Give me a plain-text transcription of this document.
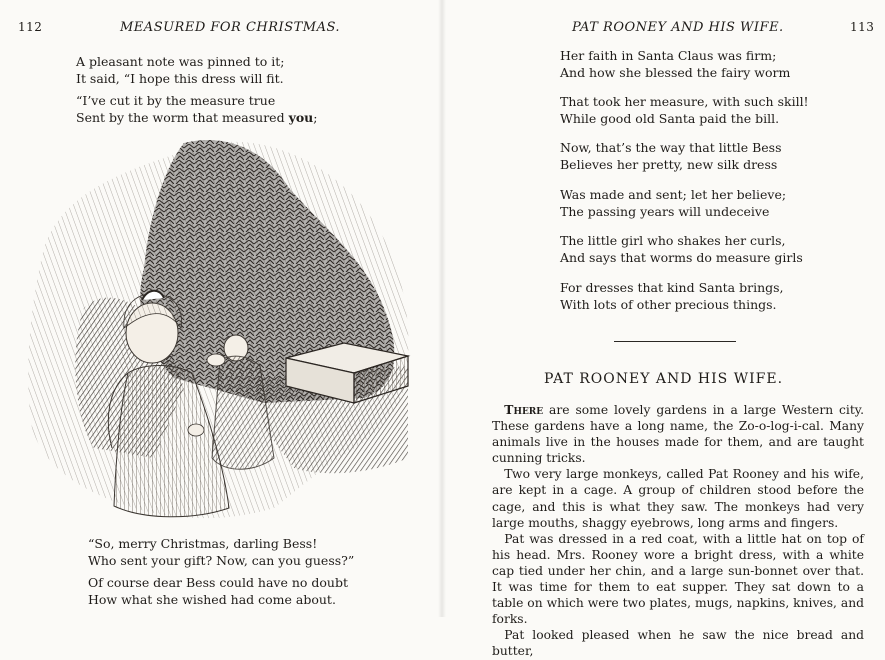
112	MEASURED FOR CHRISTMAS.

A pleasant note was pinned to it;

It said, “I hope this dress will fit.

“I’ve cut it by the measure true

Sent by the worm that measured you;

“So, merry Christmas, darling Bess!

Who sent your gift? Now, can you guess?”

Of course dear Bess could have no doubt

How what she wished had come about.

PAT ROONEY AND HIS WIFE.	113

Her faith in Santa Claus was firm;

And how she blessed the fairy worm

That took her measure, with such skill!

While good old Santa paid the bill.

Now, that’s the way that little Bess

Believes her pretty, new silk dress

Was made and sent; let her believe;

The passing years will undeceive

The little girl who shakes her curls,

And says that worms do measure girls

For dresses that kind Santa brings,

With lots of other precious things.

PAT ROONEY AND HIS WIFE.

 There are some lovely gardens in a large Western city. These gardens have a long name, the Zo-o-log-i-cal. Many animals live in the houses made for them, and are taught cunning tricks.

 Two very large monkeys, called Pat Rooney and his wife, are kept in a cage. A group of children stood before the cage, and this is what they saw. The monkeys had very large mouths, shaggy eyebrows, long arms and fingers.

 Pat was dressed in a red coat, with a little hat on top of his head. Mrs. Rooney wore a bright dress, with a white cap tied under her chin, and a large sun-bonnet over that. It was time for them to eat supper. They sat down to a table on which were two plates, mugs, napkins, knives, and forks.

 Pat looked pleased when he saw the nice bread and butter,
